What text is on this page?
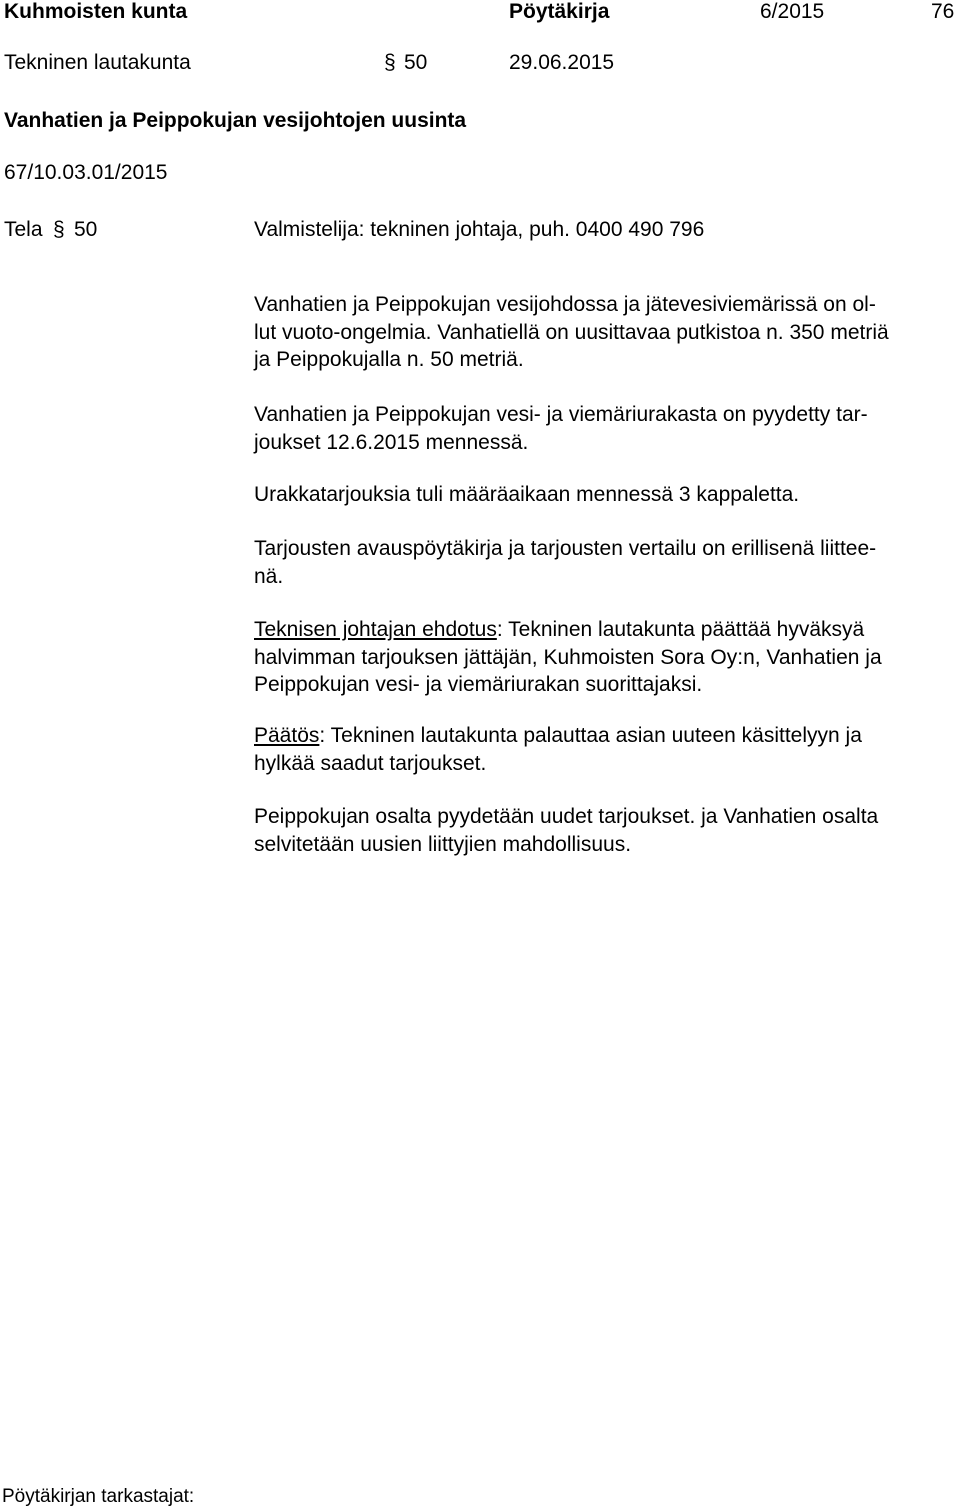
Kuhmoisten kunta	Pöytäkirja	6/2015	76
Tekninen lautakunta	§ 50	29.06.2015
Vanhatien ja Peippokujan vesijohtojen uusinta
67/10.03.01/2015
Tela § 50	Valmistelija: tekninen johtaja, puh. 0400 490 796
Vanhatien ja Peippokujan vesijohdossa ja jätevesiviemärissä on ol-
lut vuoto-ongelmia. Vanhatiellä on uusittavaa putkistoa n. 350 metriä
ja Peippokujalla n. 50 metriä.
Vanhatien ja Peippokujan vesi- ja viemäriurakasta on pyydetty tar-
joukset 12.6.2015 mennessä.
Urakkatarjouksia tuli määräaikaan mennessä 3 kappaletta.
Tarjousten avauspöytäkirja ja tarjousten vertailu on erillisenä liittee-
nä.
Teknisen johtajan ehdotus: Tekninen lautakunta päättää hyväksyä
halvimman tarjouksen jättäjän, Kuhmoisten Sora Oy:n, Vanhatien ja
Peippokujan vesi- ja viemäriurakan suorittajaksi.
Päätös: Tekninen lautakunta palauttaa asian uuteen käsittelyyn ja
hylkää saadut tarjoukset.
Peippokujan osalta pyydetään uudet tarjoukset. ja Vanhatien osalta
selvitetään uusien liittyjien mahdollisuus.
Pöytäkirjan tarkastajat:
